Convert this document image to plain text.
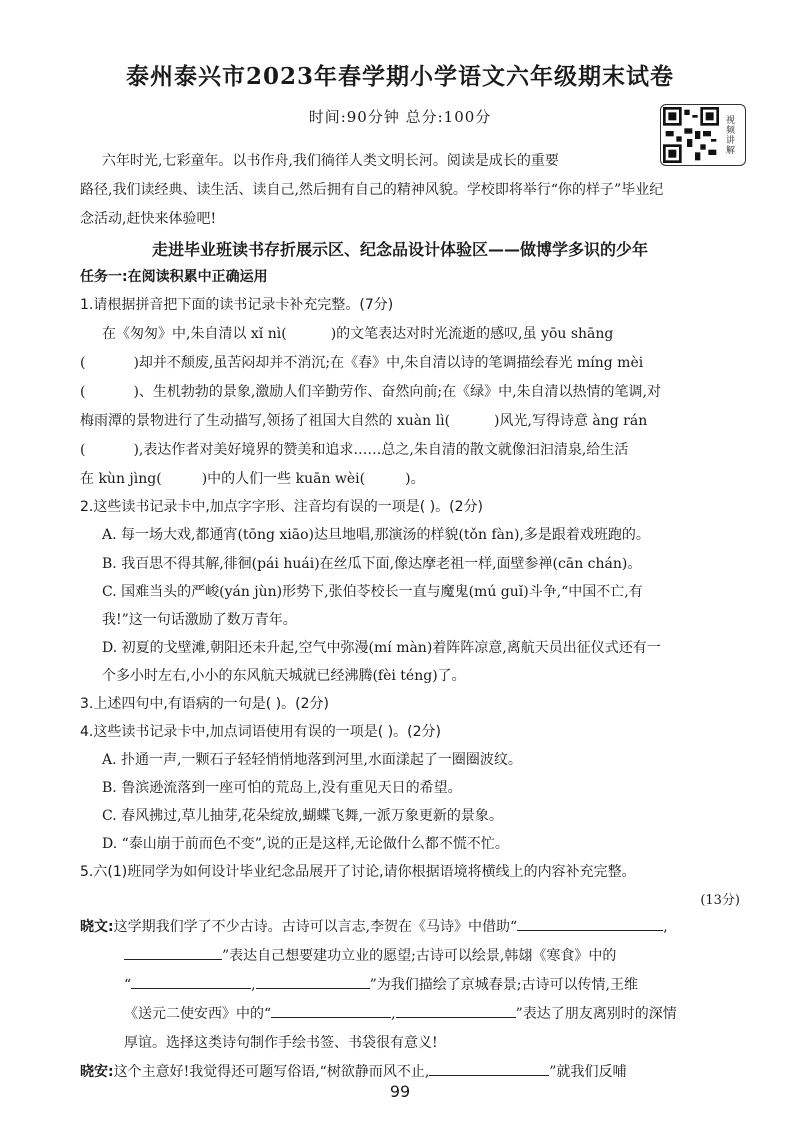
泰州泰兴市2023年春学期小学语文六年级期末试卷
时间:90分钟 总分:100分	视频讲解
六年时光,七彩童年。以书作舟,我们徜徉人类文明长河。阅读是成长的重要
路径,我们读经典、读生活、读自己,然后拥有自己的精神风貌。学校即将举行“你的样子”毕业纪
念活动,赶快来体验吧!
走进毕业班读书存折展示区、纪念品设计体验区——做博学多识的少年
任务一:在阅读积累中正确运用
1.请根据拼音把下面的读书记录卡补充完整。(7分)
在《匆匆》中,朱自清以 xǐ nì(	)的文笔表达对时光流逝的感叹,虽 yōu shāng
(	)却并不颓废,虽苦闷却并不消沉;在《春》中,朱自清以诗的笔调描绘春光 míng mèi
(	)、生机勃勃的景象,激励人们辛勤劳作、奋然向前;在《绿》中,朱自清以热情的笔调,对
梅雨潭的景物进行了生动描写,领扬了祖国大自然的 xuàn lì(	)风光,写得诗意 àng rán
(	),表达作者对美好境界的赞美和追求……总之,朱自清的散文就像汩汩清泉,给生活
在 kùn jìng(	)中的人们一些 kuān wèi(	)。
2.这些读书记录卡中,加点字字形、注音均有误的一项是( )。(2分)
A. 每一场大戏,都通宵(tōng xiāo)达旦地唱,那演汤的样貌(tǒn fàn),多是跟着戏班跑的。
B. 我百思不得其解,徘徊(pái huái)在丝瓜下面,像达摩老祖一样,面壁参禅(cān chán)。
C. 国难当头的严峻(yán jùn)形势下,张伯苓校长一直与魔鬼(mú guǐ)斗争,“中国不亡,有
我!”这一句话激励了数万青年。
D. 初夏的戈壁滩,朝阳还未升起,空气中弥漫(mí màn)着阵阵凉意,离航天员出征仪式还有一
个多小时左右,小小的东风航天城就已经沸腾(fèi téng)了。
3.上述四句中,有语病的一句是( )。(2分)
4.这些读书记录卡中,加点词语使用有误的一项是( )。(2分)
A. 扑通一声,一颗石子轻轻悄悄地落到河里,水面漾起了一圈圈波纹。
B. 鲁滨逊流落到一座可怕的荒岛上,没有重见天日的希望。
C. 春风拂过,草儿抽芽,花朵绽放,蝴蝶飞舞,一派万象更新的景象。
D. “泰山崩于前而色不变”,说的正是这样,无论做什么都不慌不忙。
5.六(1)班同学为如何设计毕业纪念品展开了讨论,请你根据语境将横线上的内容补充完整。
(13分)
晓文:这学期我们学了不少古诗。古诗可以言志,李贺在《马诗》中借助“	,
”表达自己想要建功立业的愿望;古诗可以绘景,韩翃《寒食》中的
“	,	”为我们描绘了京城春景;古诗可以传情,王维
《送元二使安西》中的“	,	”表达了朋友离别时的深情
厚谊。选择这类诗句制作手绘书签、书袋很有意义!
晓安:这个主意好!我觉得还可题写俗语,“树欲静而风不止,	”就我们反哺
99
